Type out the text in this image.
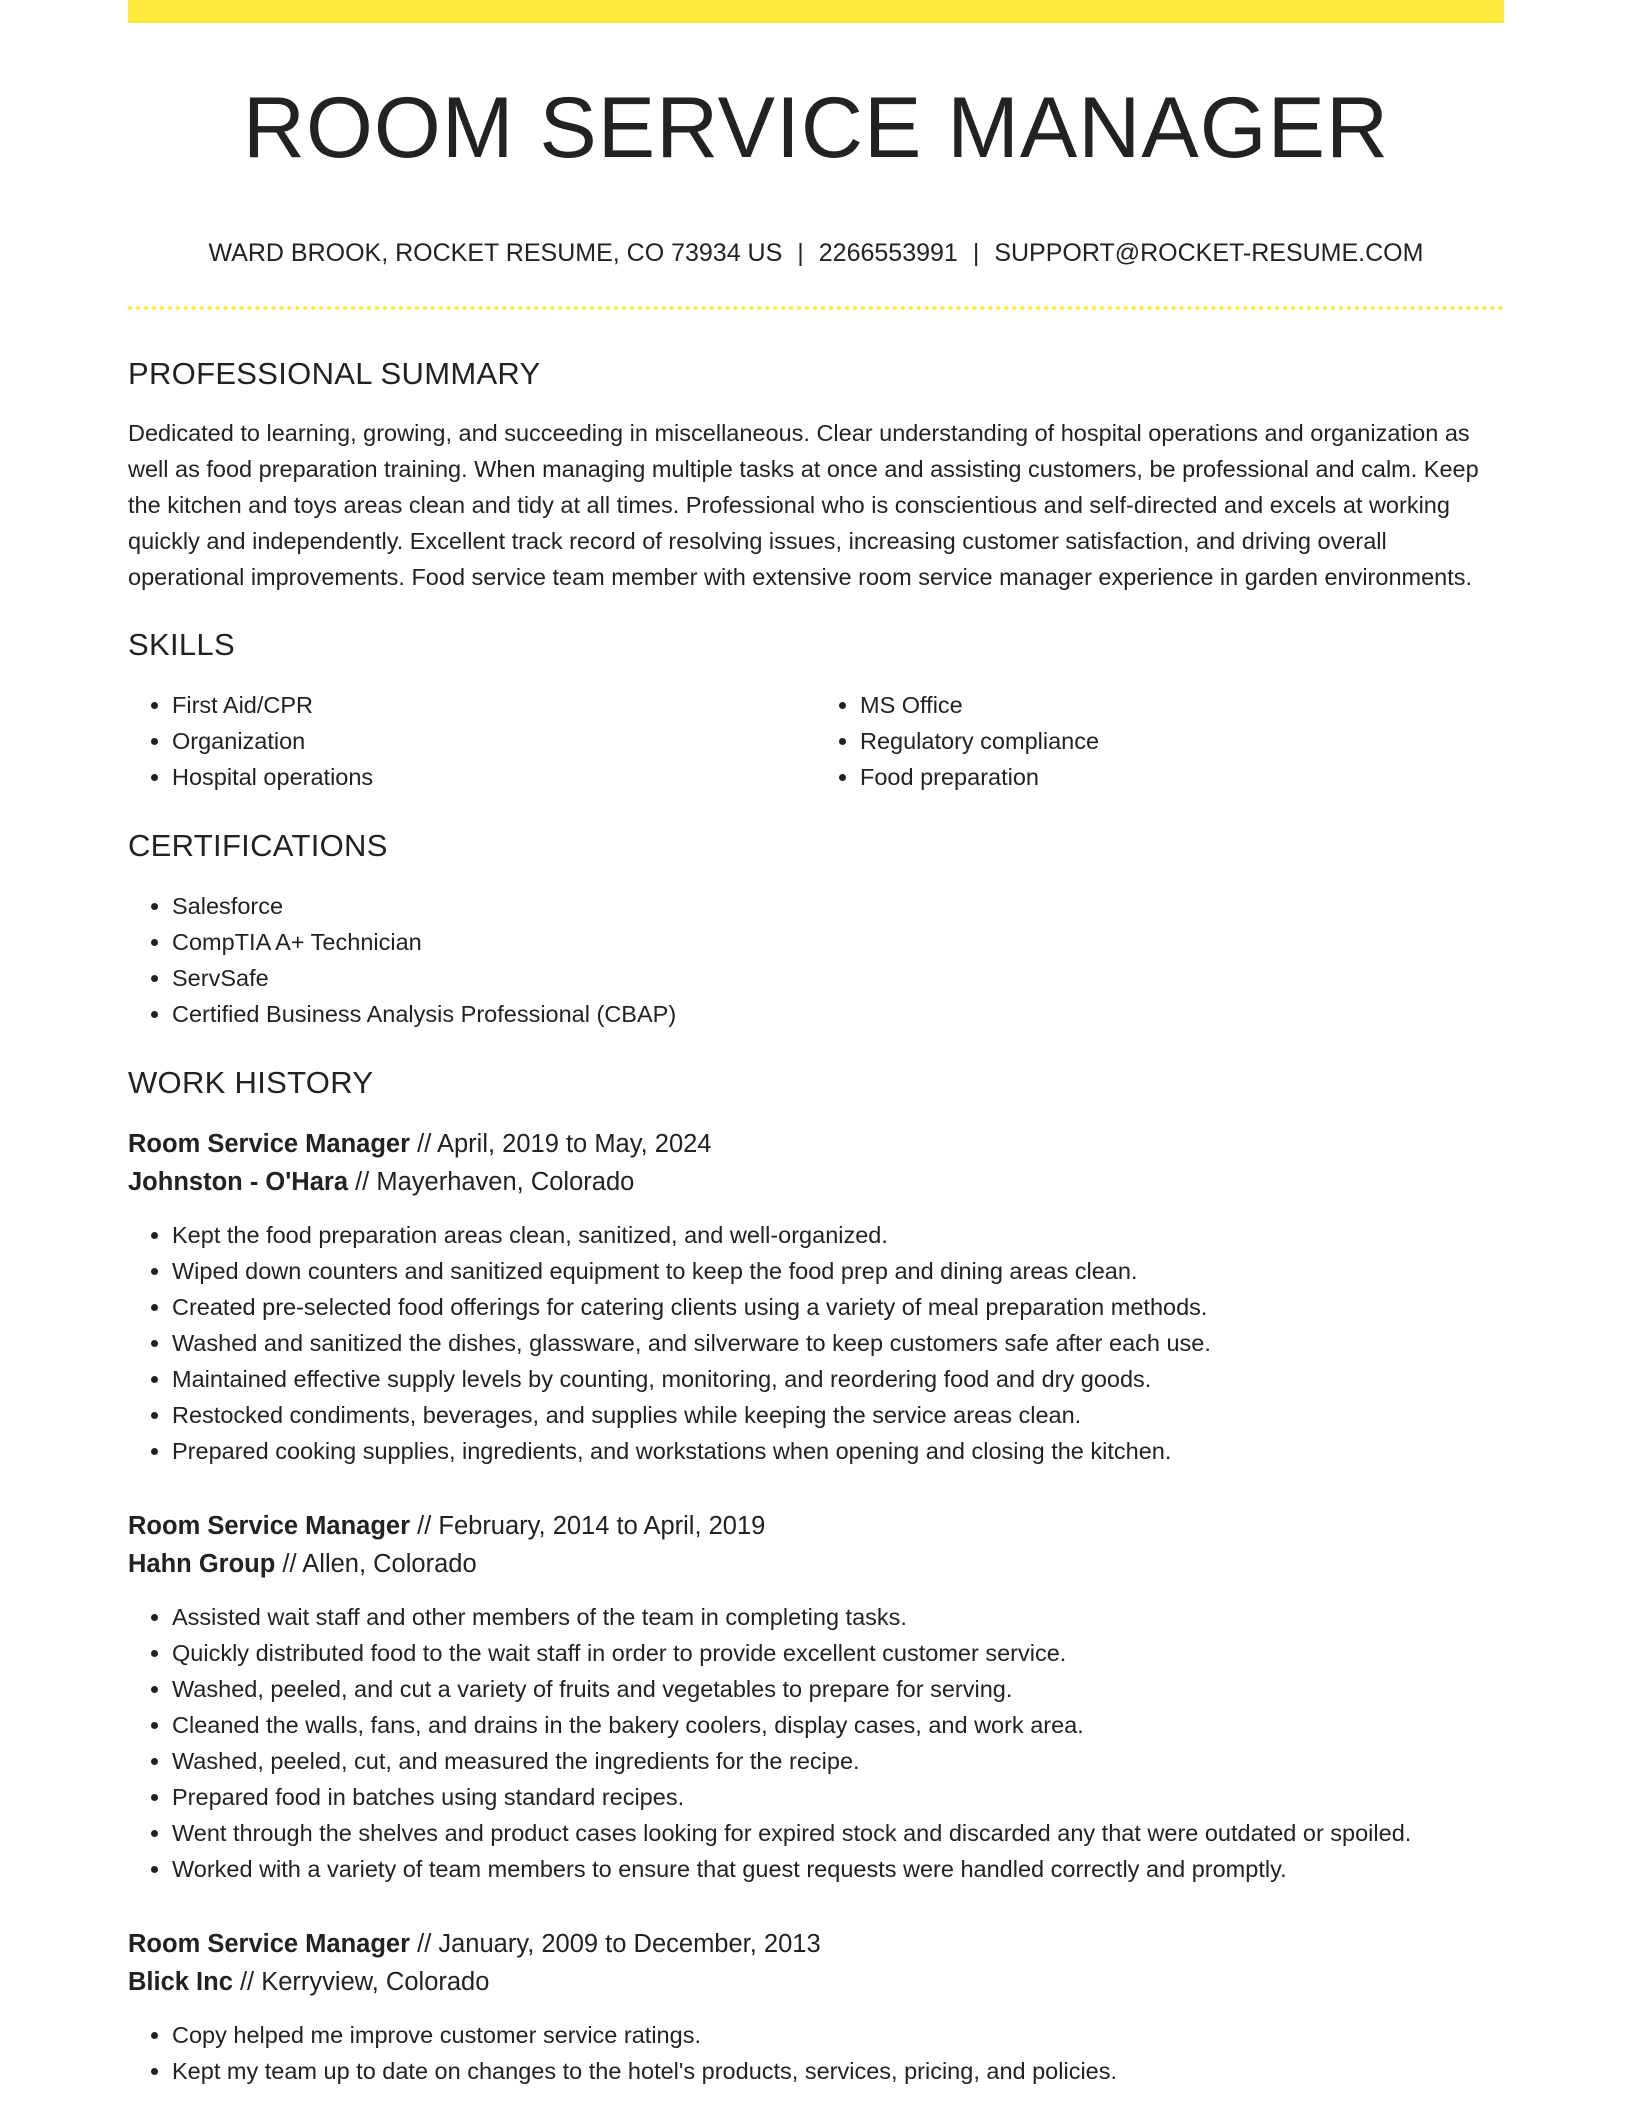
ROOM SERVICE MANAGER
WARD BROOK, ROCKET RESUME, CO 73934 US | 2266553991 | SUPPORT@ROCKET-RESUME.COM
PROFESSIONAL SUMMARY

Dedicated to learning, growing, and succeeding in miscellaneous. Clear understanding of hospital operations and organization as well as food preparation training. When managing multiple tasks at once and assisting customers, be professional and calm. Keep the kitchen and toys areas clean and tidy at all times. Professional who is conscientious and self-directed and excels at working quickly and independently. Excellent track record of resolving issues, increasing customer satisfaction, and driving overall operational improvements. Food service team member with extensive room service manager experience in garden environments.

SKILLS
• First Aid/CPR
• Organization
• Hospital operations
• MS Office
• Regulatory compliance
• Food preparation
CERTIFICATIONS
• Salesforce
• CompTIA A+ Technician
• ServSafe
• Certified Business Analysis Professional (CBAP)
WORK HISTORY
Room Service Manager // April, 2019 to May, 2024
Johnston - O'Hara // Mayerhaven, Colorado
• Kept the food preparation areas clean, sanitized, and well-organized.
• Wiped down counters and sanitized equipment to keep the food prep and dining areas clean.
• Created pre-selected food offerings for catering clients using a variety of meal preparation methods.
• Washed and sanitized the dishes, glassware, and silverware to keep customers safe after each use.
• Maintained effective supply levels by counting, monitoring, and reordering food and dry goods.
• Restocked condiments, beverages, and supplies while keeping the service areas clean.
• Prepared cooking supplies, ingredients, and workstations when opening and closing the kitchen.
Room Service Manager // February, 2014 to April, 2019
Hahn Group // Allen, Colorado
• Assisted wait staff and other members of the team in completing tasks.
• Quickly distributed food to the wait staff in order to provide excellent customer service.
• Washed, peeled, and cut a variety of fruits and vegetables to prepare for serving.
• Cleaned the walls, fans, and drains in the bakery coolers, display cases, and work area.
• Washed, peeled, cut, and measured the ingredients for the recipe.
• Prepared food in batches using standard recipes.
• Went through the shelves and product cases looking for expired stock and discarded any that were outdated or spoiled.
• Worked with a variety of team members to ensure that guest requests were handled correctly and promptly.
Room Service Manager // January, 2009 to December, 2013
Blick Inc // Kerryview, Colorado
• Copy helped me improve customer service ratings.
• Kept my team up to date on changes to the hotel's products, services, pricing, and policies.
